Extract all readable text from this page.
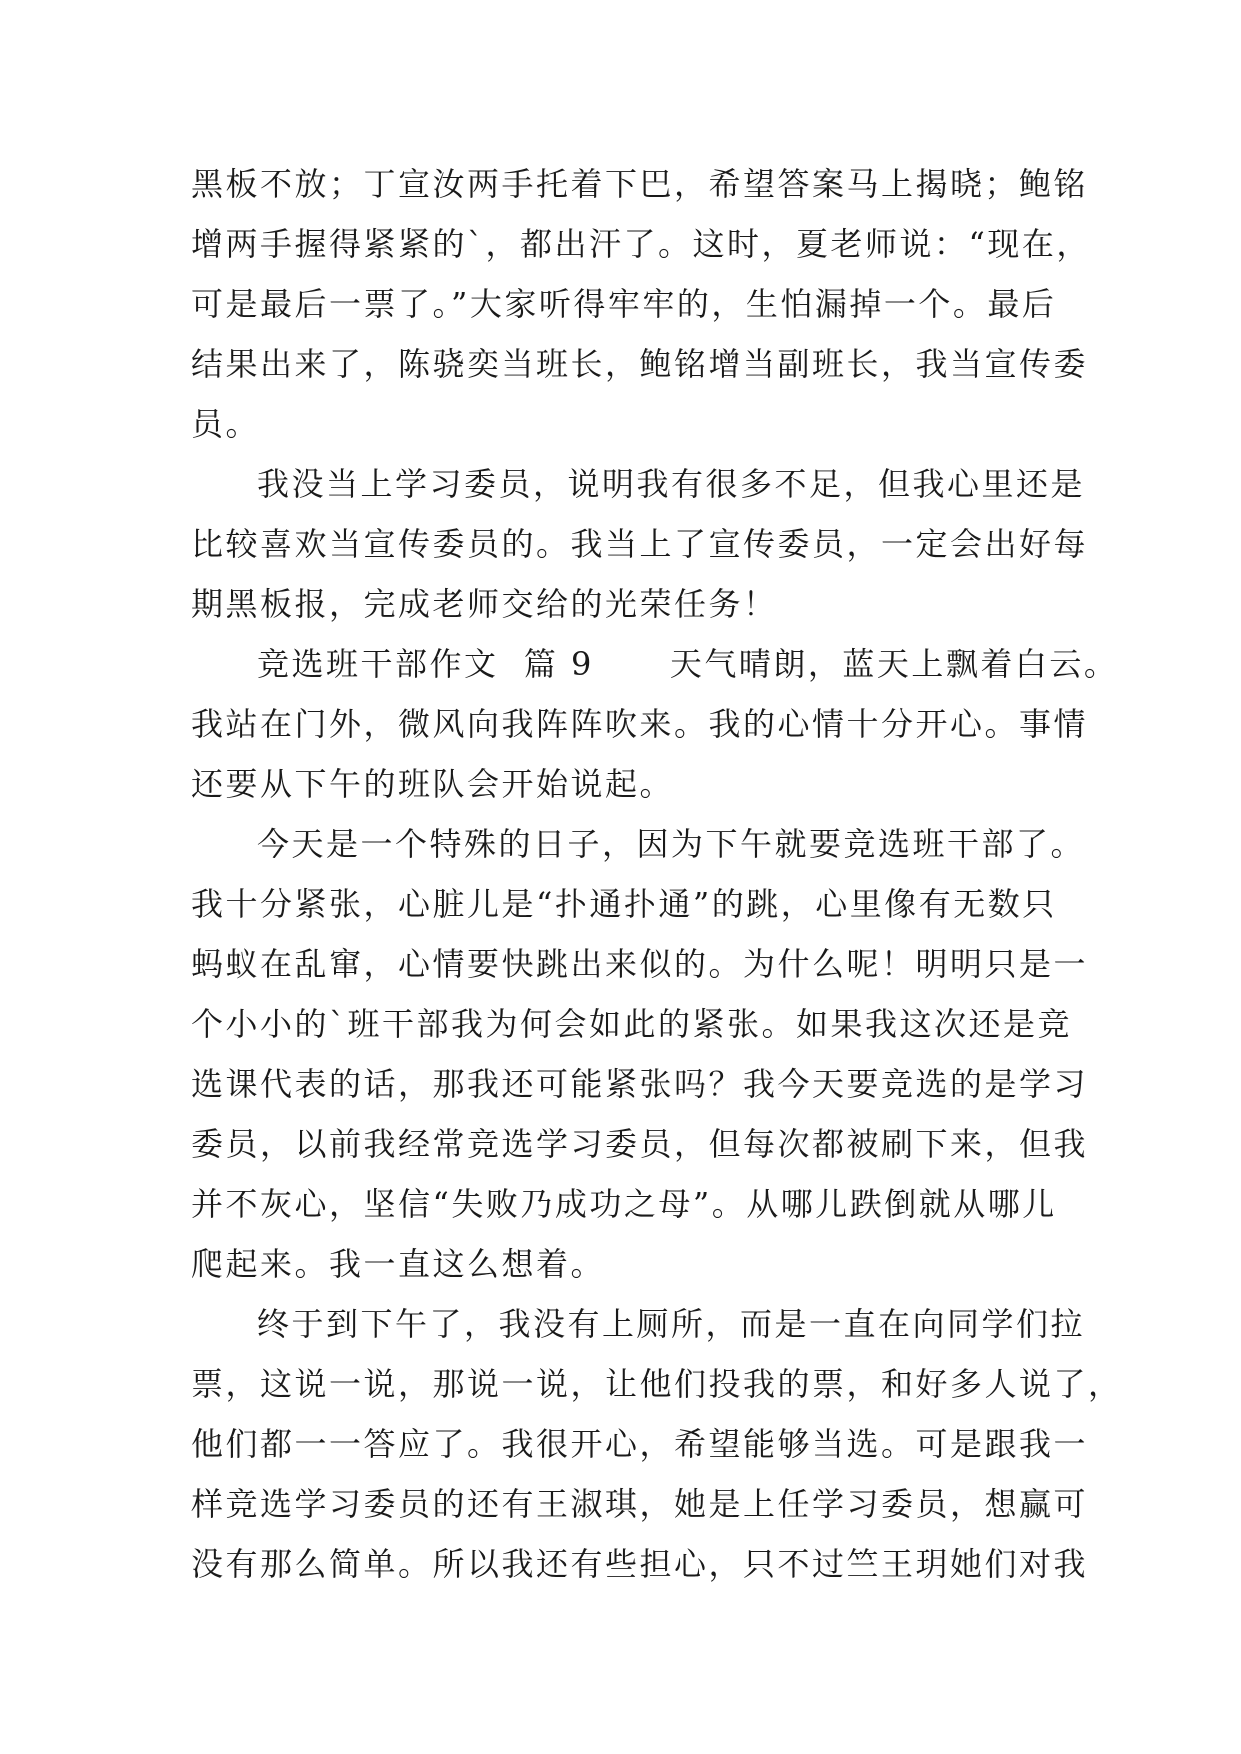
黑板不放；丁宣汝两手托着下巴，希望答案马上揭晓；鲍铭
增两手握得紧紧的`，都出汗了。这时，夏老师说：“现在，
可是最后一票了。”大家听得牢牢的，生怕漏掉一个。最后
结果出来了，陈骁奕当班长，鲍铭增当副班长，我当宣传委
员。
我没当上学习委员，说明我有很多不足，但我心里还是
比较喜欢当宣传委员的。我当上了宣传委员，一定会出好每
期黑板报，完成老师交给的光荣任务！
竞选班干部作文  篇 9      天气晴朗，蓝天上飘着白云。
我站在门外，微风向我阵阵吹来。我的心情十分开心。事情
还要从下午的班队会开始说起。
今天是一个特殊的日子，因为下午就要竞选班干部了。
我十分紧张，心脏儿是“扑通扑通”的跳，心里像有无数只
蚂蚁在乱窜，心情要快跳出来似的。为什么呢！明明只是一
个小小的`班干部我为何会如此的紧张。如果我这次还是竞
选课代表的话，那我还可能紧张吗？我今天要竞选的是学习
委员，以前我经常竞选学习委员，但每次都被刷下来，但我
并不灰心，坚信“失败乃成功之母”。从哪儿跌倒就从哪儿
爬起来。我一直这么想着。
终于到下午了，我没有上厕所，而是一直在向同学们拉
票，这说一说，那说一说，让他们投我的票，和好多人说了，
他们都一一答应了。我很开心，希望能够当选。可是跟我一
样竞选学习委员的还有王淑琪，她是上任学习委员，想赢可
没有那么简单。所以我还有些担心，只不过竺王玥她们对我
